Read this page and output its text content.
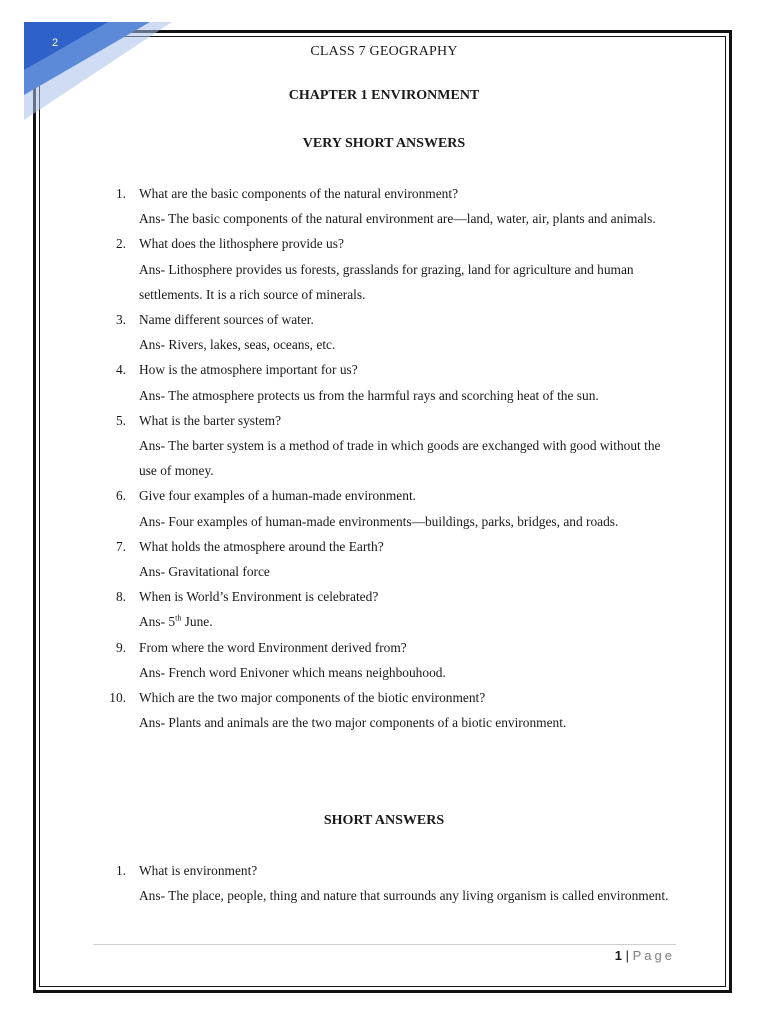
2
CLASS 7 GEOGRAPHY
CHAPTER 1 ENVIRONMENT
VERY SHORT ANSWERS
1. What are the basic components of the natural environment?
Ans- The basic components of the natural environment are—land, water, air, plants and animals.
2. What does the lithosphere provide us?
Ans- Lithosphere provides us forests, grasslands for grazing, land for agriculture and human settlements. It is a rich source of minerals.
3. Name different sources of water.
Ans- Rivers, lakes, seas, oceans, etc.
4. How is the atmosphere important for us?
Ans- The atmosphere protects us from the harmful rays and scorching heat of the sun.
5. What is the barter system?
Ans- The barter system is a method of trade in which goods are exchanged with good without the use of money.
6. Give four examples of a human-made environment.
Ans- Four examples of human-made environments—buildings, parks, bridges, and roads.
7. What holds the atmosphere around the Earth?
Ans- Gravitational force
8. When is World’s Environment is celebrated?
Ans- 5th June.
9. From where the word Environment derived from?
Ans- French word Enivoner which means neighbouhood.
10. Which are the two major components of the biotic environment?
Ans- Plants and animals are the two major components of a biotic environment.
SHORT ANSWERS
1. What is environment?
Ans- The place, people, thing and nature that surrounds any living organism is called environment.
1 | Page
